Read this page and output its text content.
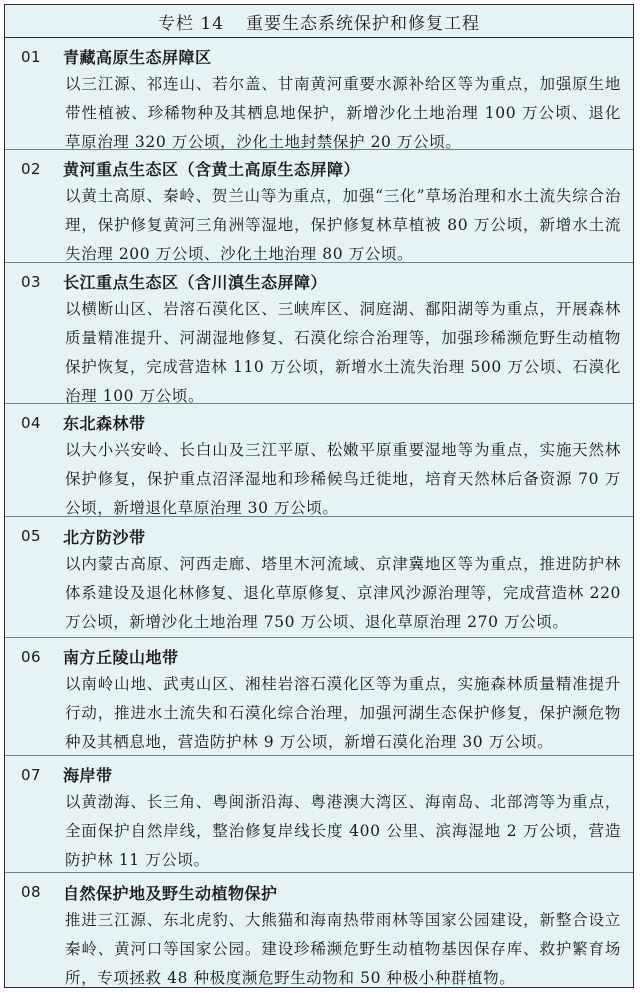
专栏 14 重要生态系统保护和修复工程
01	青藏高原生态屏障区
以三江源、祁连山、若尔盖、甘南黄河重要水源补给区等为重点，加强原生地带性植被、珍稀物种及其栖息地保护，新增沙化土地治理 100 万公顷、退化草原治理 320 万公顷，沙化土地封禁保护 20 万公顷。
02	黄河重点生态区（含黄土高原生态屏障）
以黄土高原、秦岭、贺兰山等为重点，加强“三化”草场治理和水土流失综合治理，保护修复黄河三角洲等湿地，保护修复林草植被 80 万公顷，新增水土流失治理 200 万公顷、沙化土地治理 80 万公顷。
03	长江重点生态区（含川滇生态屏障）
以横断山区、岩溶石漠化区、三峡库区、洞庭湖、鄱阳湖等为重点，开展森林质量精准提升、河湖湿地修复、石漠化综合治理等，加强珍稀濒危野生动植物保护恢复，完成营造林 110 万公顷，新增水土流失治理 500 万公顷、石漠化治理 100 万公顷。
04	东北森林带
以大小兴安岭、长白山及三江平原、松嫩平原重要湿地等为重点，实施天然林保护修复，保护重点沼泽湿地和珍稀候鸟迁徙地，培育天然林后备资源 70 万公顷，新增退化草原治理 30 万公顷。
05	北方防沙带
以内蒙古高原、河西走廊、塔里木河流域、京津冀地区等为重点，推进防护林体系建设及退化林修复、退化草原修复、京津风沙源治理等，完成营造林 220 万公顷，新增沙化土地治理 750 万公顷、退化草原治理 270 万公顷。
06	南方丘陵山地带
以南岭山地、武夷山区、湘桂岩溶石漠化区等为重点，实施森林质量精准提升行动，推进水土流失和石漠化综合治理，加强河湖生态保护修复，保护濒危物种及其栖息地，营造防护林 9 万公顷，新增石漠化治理 30 万公顷。
07	海岸带
以黄渤海、长三角、粤闽浙沿海、粤港澳大湾区、海南岛、北部湾等为重点，全面保护自然岸线，整治修复岸线长度 400 公里、滨海湿地 2 万公顷，营造防护林 11 万公顷。
08	自然保护地及野生动植物保护
推进三江源、东北虎豹、大熊猫和海南热带雨林等国家公园建设，新整合设立秦岭、黄河口等国家公园。建设珍稀濒危野生动植物基因保存库、救护繁育场所，专项拯救 48 种极度濒危野生动物和 50 种极小种群植物。
